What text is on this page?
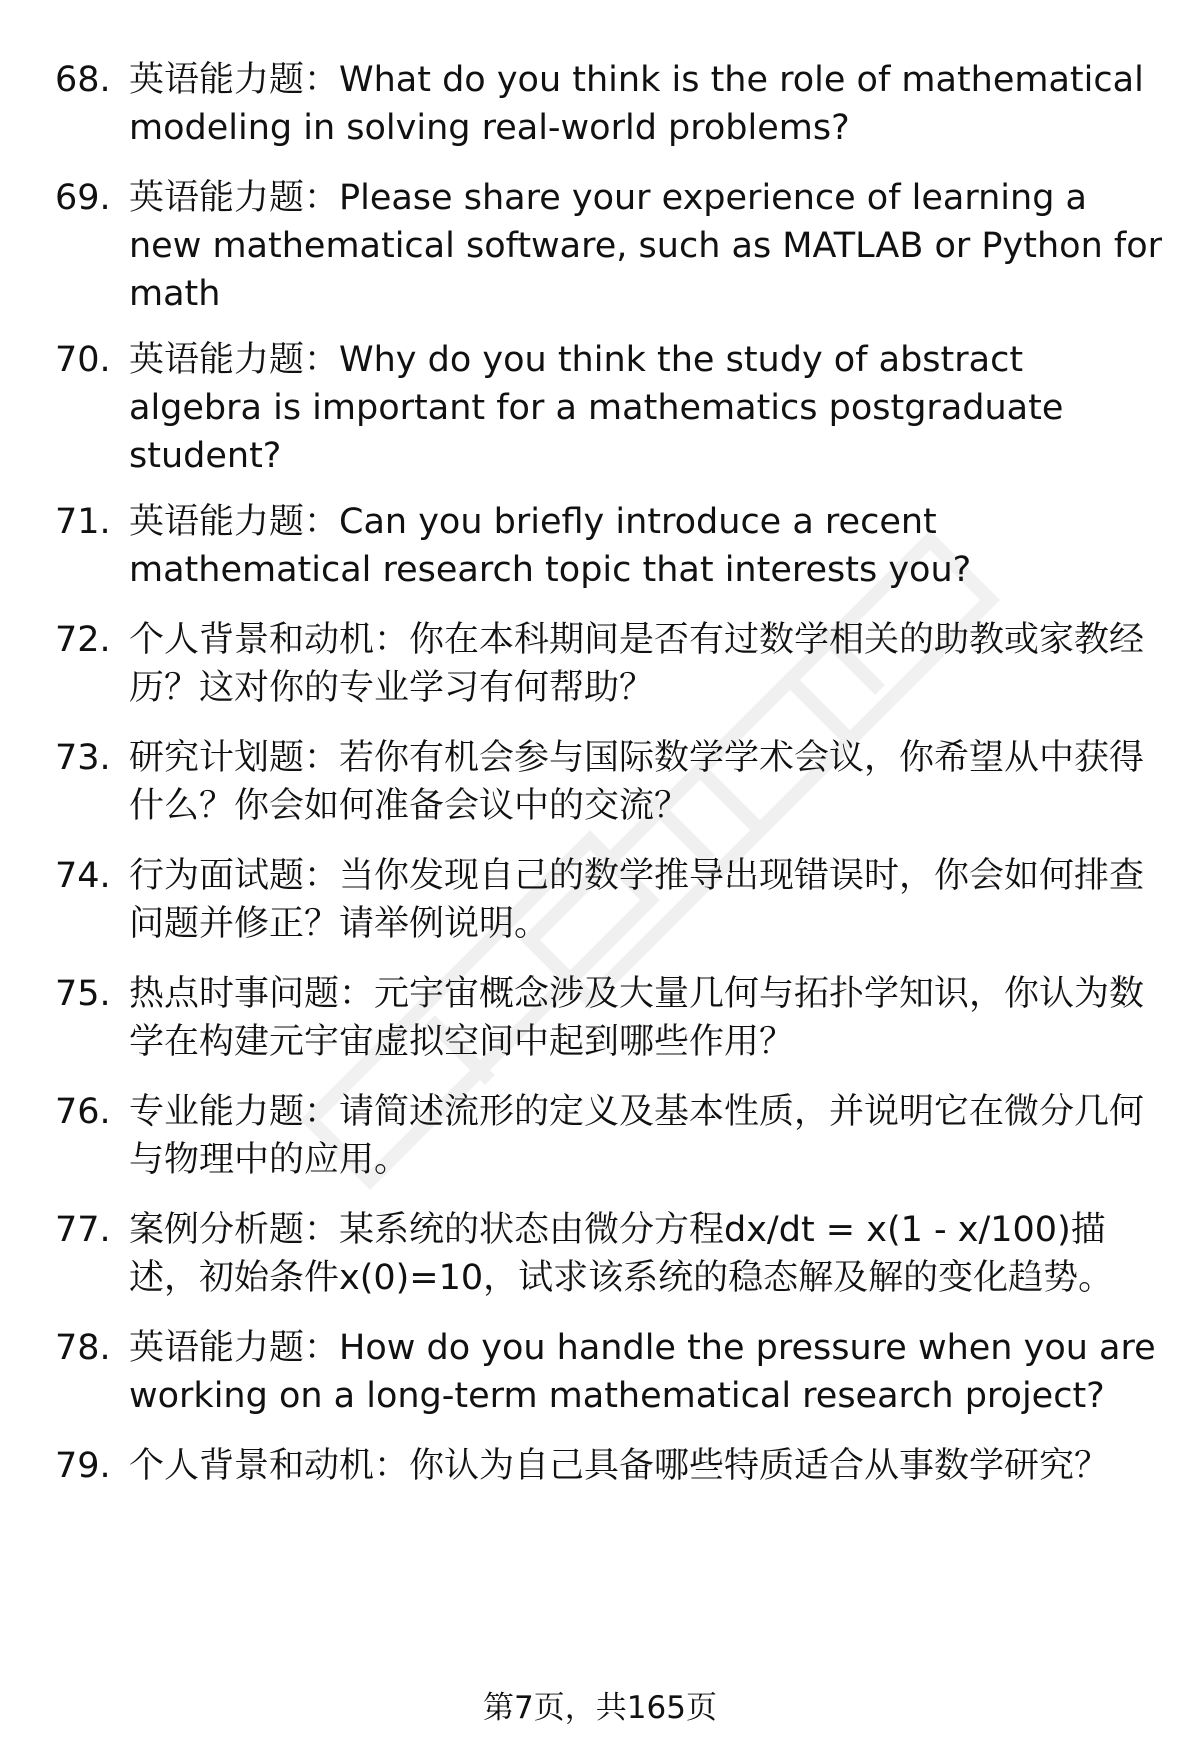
68. 英语能力题：What do you think is the role of mathematical modeling in solving real-world problems?
69. 英语能力题：Please share your experience of learning a new mathematical software, such as MATLAB or Python for math
70. 英语能力题：Why do you think the study of abstract algebra is important for a mathematics postgraduate student?
71. 英语能力题：Can you briefly introduce a recent mathematical research topic that interests you?
72. 个人背景和动机：你在本科期间是否有过数学相关的助教或家教经历？这对你的专业学习有何帮助？
73. 研究计划题：若你有机会参与国际数学学术会议，你希望从中获得什么？你会如何准备会议中的交流？
74. 行为面试题：当你发现自己的数学推导出现错误时，你会如何排查问题并修正？请举例说明。
75. 热点时事问题：元宇宙概念涉及大量几何与拓扑学知识，你认为数学在构建元宇宙虚拟空间中起到哪些作用？
76. 专业能力题：请简述流形的定义及基本性质，并说明它在微分几何与物理中的应用。
77. 案例分析题：某系统的状态由微分方程dx/dt = x(1 - x/100)描述，初始条件x(0)=10，试求该系统的稳态解及解的变化趋势。
78. 英语能力题：How do you handle the pressure when you are working on a long-term mathematical research project?
79. 个人背景和动机：你认为自己具备哪些特质适合从事数学研究？
第7页，共165页
